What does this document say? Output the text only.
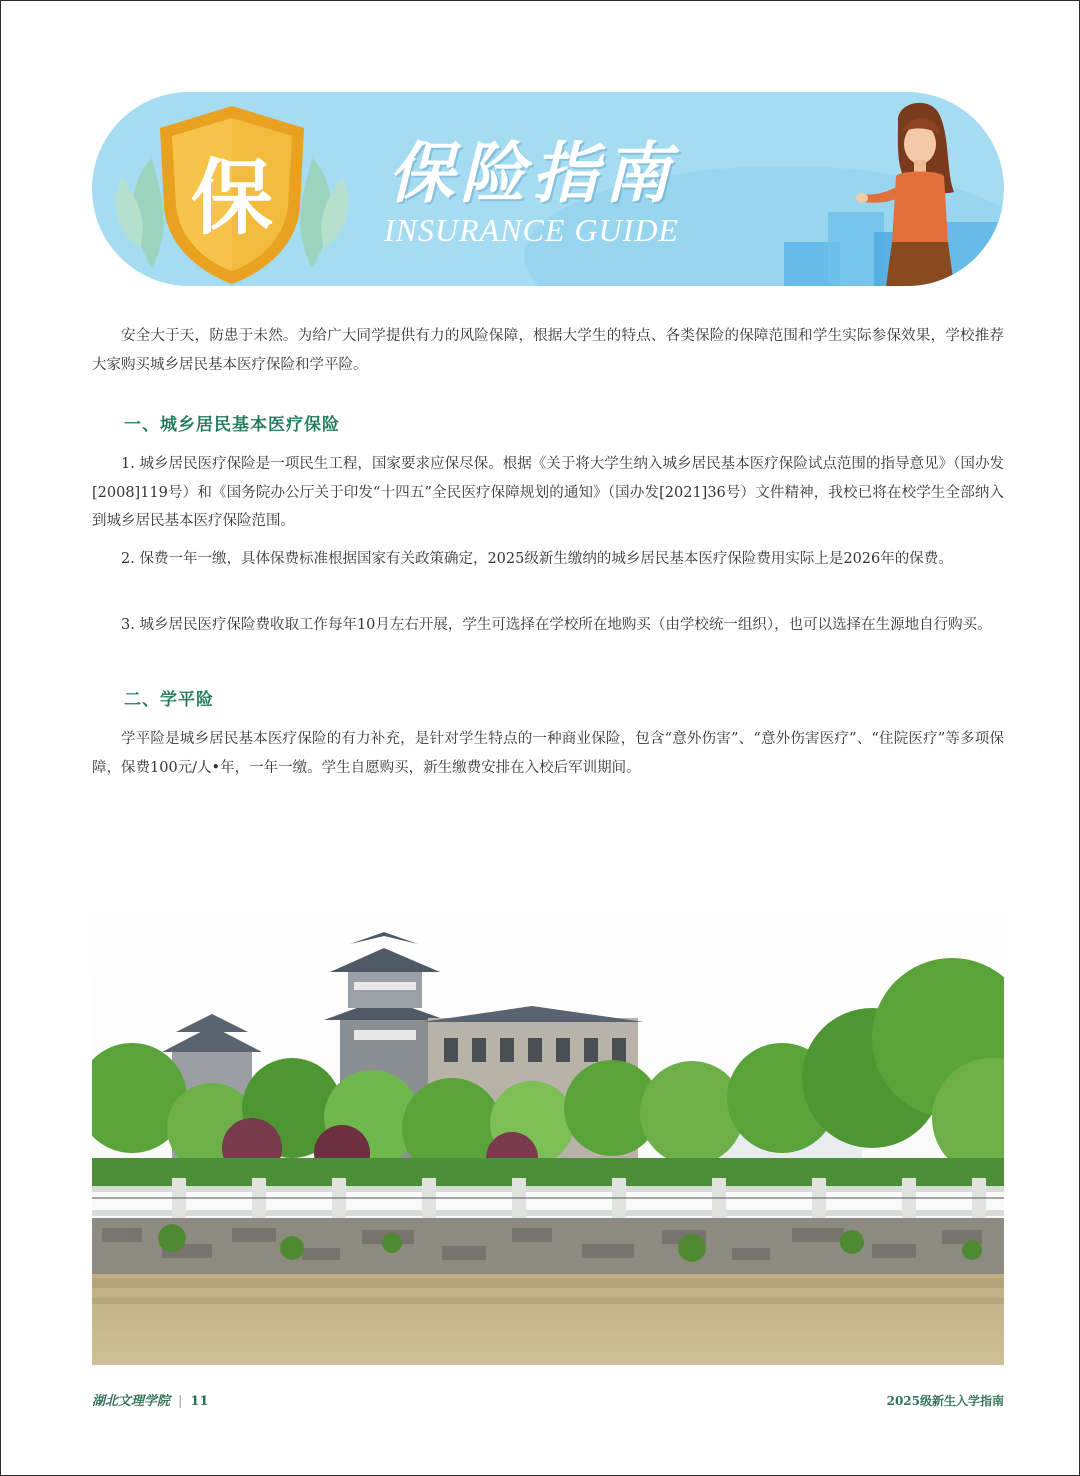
保 保险指南
INSURANCE GUIDE

安全大于天，防患于未然。为给广大同学提供有力的风险保障，根据大学生的特点、各类保险的保障范围和学生实际参保效果，学校推荐大家购买城乡居民基本医疗保险和学平险。

一、城乡居民基本医疗保险

1. 城乡居民医疗保险是一项民生工程，国家要求应保尽保。根据《关于将大学生纳入城乡居民基本医疗保险试点范围的指导意见》（国办发[2008]119号）和《国务院办公厅关于印发“十四五”全民医疗保障规划的通知》（国办发[2021]36号）文件精神，我校已将在校学生全部纳入到城乡居民基本医疗保险范围。

2. 保费一年一缴，具体保费标准根据国家有关政策确定，2025级新生缴纳的城乡居民基本医疗保险费用实际上是2026年的保费。

3. 城乡居民医疗保险费收取工作每年10月左右开展，学生可选择在学校所在地购买（由学校统一组织），也可以选择在生源地自行购买。

二、学平险

学平险是城乡居民基本医疗保险的有力补充，是针对学生特点的一种商业保险，包含“意外伤害”、“意外伤害医疗”、“住院医疗”等多项保障，保费100元/人•年，一年一缴。学生自愿购买，新生缴费安排在入校后军训期间。

湖北文理学院 | 11	2025级新生入学指南
